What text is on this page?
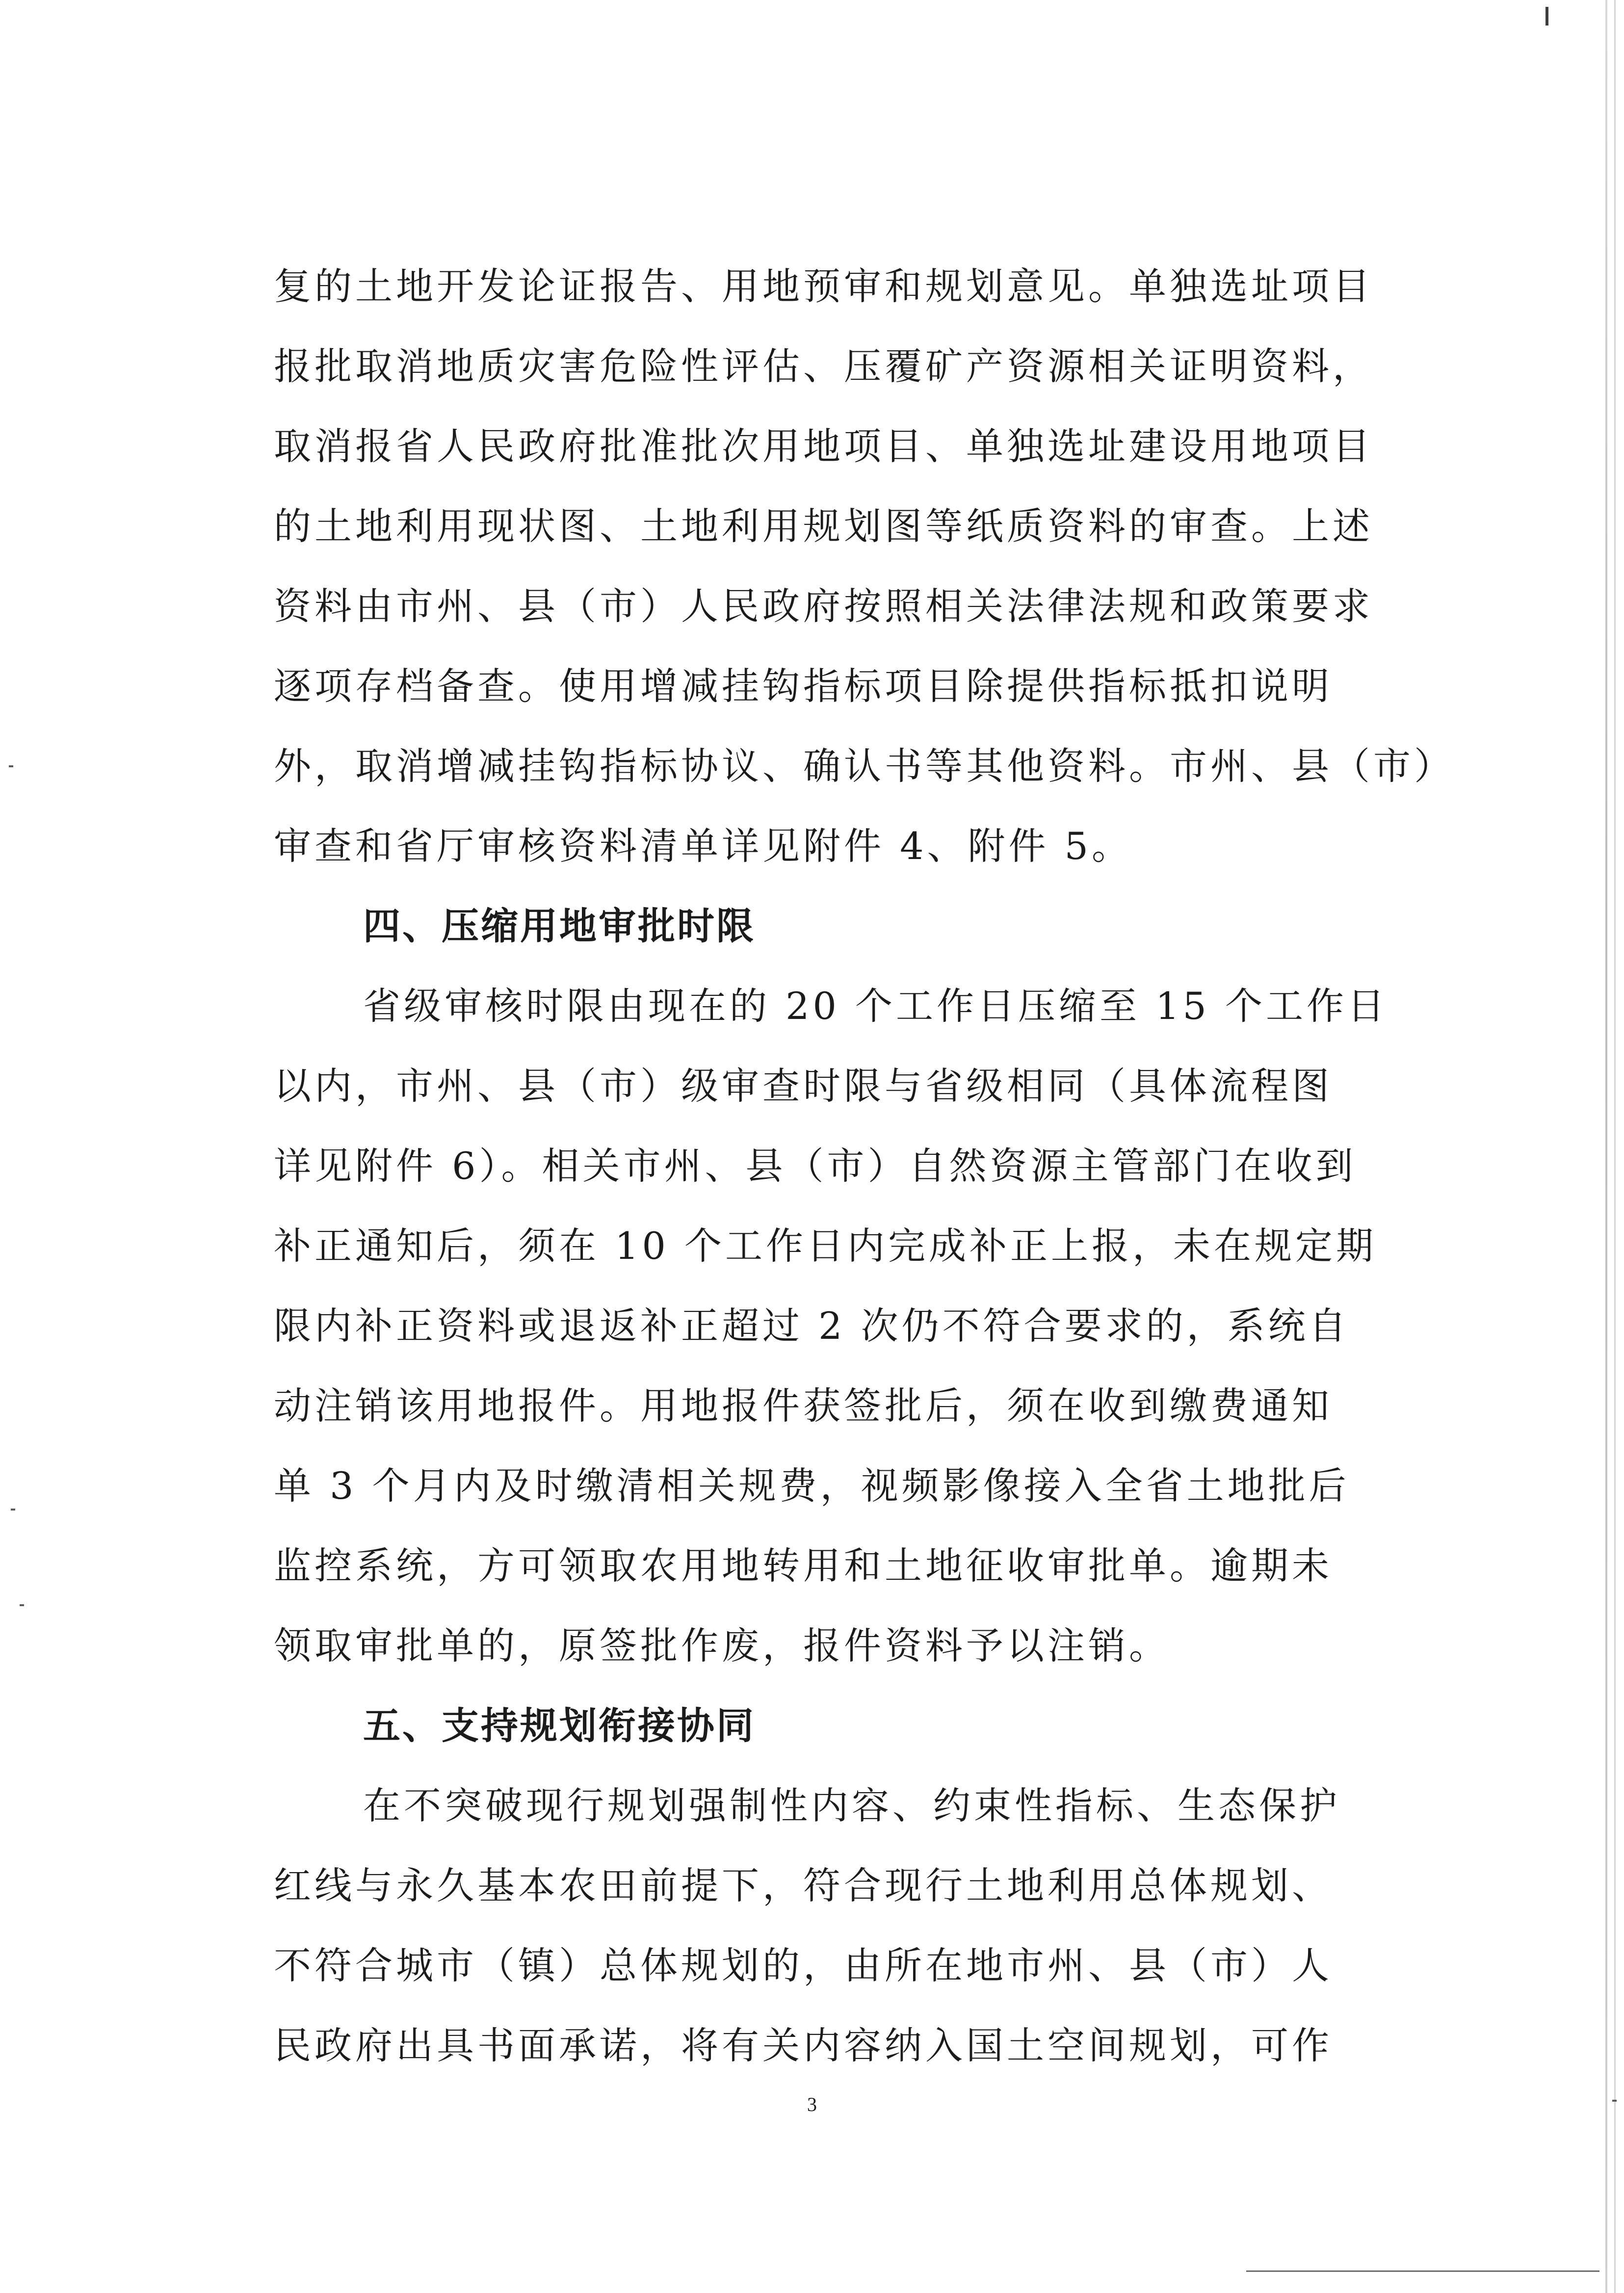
复的土地开发论证报告、用地预审和规划意见。单独选址项目
报批取消地质灾害危险性评估、压覆矿产资源相关证明资料，
取消报省人民政府批准批次用地项目、单独选址建设用地项目
的土地利用现状图、土地利用规划图等纸质资料的审查。上述
资料由市州、县（市）人民政府按照相关法律法规和政策要求
逐项存档备查。使用增减挂钩指标项目除提供指标抵扣说明
外，取消增减挂钩指标协议、确认书等其他资料。市州、县（市）
审查和省厅审核资料清单详见附件 4、附件 5。
四、压缩用地审批时限
省级审核时限由现在的 20 个工作日压缩至 15 个工作日
以内，市州、县（市）级审查时限与省级相同（具体流程图
详见附件 6）。相关市州、县（市）自然资源主管部门在收到
补正通知后，须在 10 个工作日内完成补正上报，未在规定期
限内补正资料或退返补正超过 2 次仍不符合要求的，系统自
动注销该用地报件。用地报件获签批后，须在收到缴费通知
单 3 个月内及时缴清相关规费，视频影像接入全省土地批后
监控系统，方可领取农用地转用和土地征收审批单。逾期未
领取审批单的，原签批作废，报件资料予以注销。
五、支持规划衔接协同
在不突破现行规划强制性内容、约束性指标、生态保护
红线与永久基本农田前提下，符合现行土地利用总体规划、
不符合城市（镇）总体规划的，由所在地市州、县（市）人
民政府出具书面承诺，将有关内容纳入国土空间规划，可作
3
